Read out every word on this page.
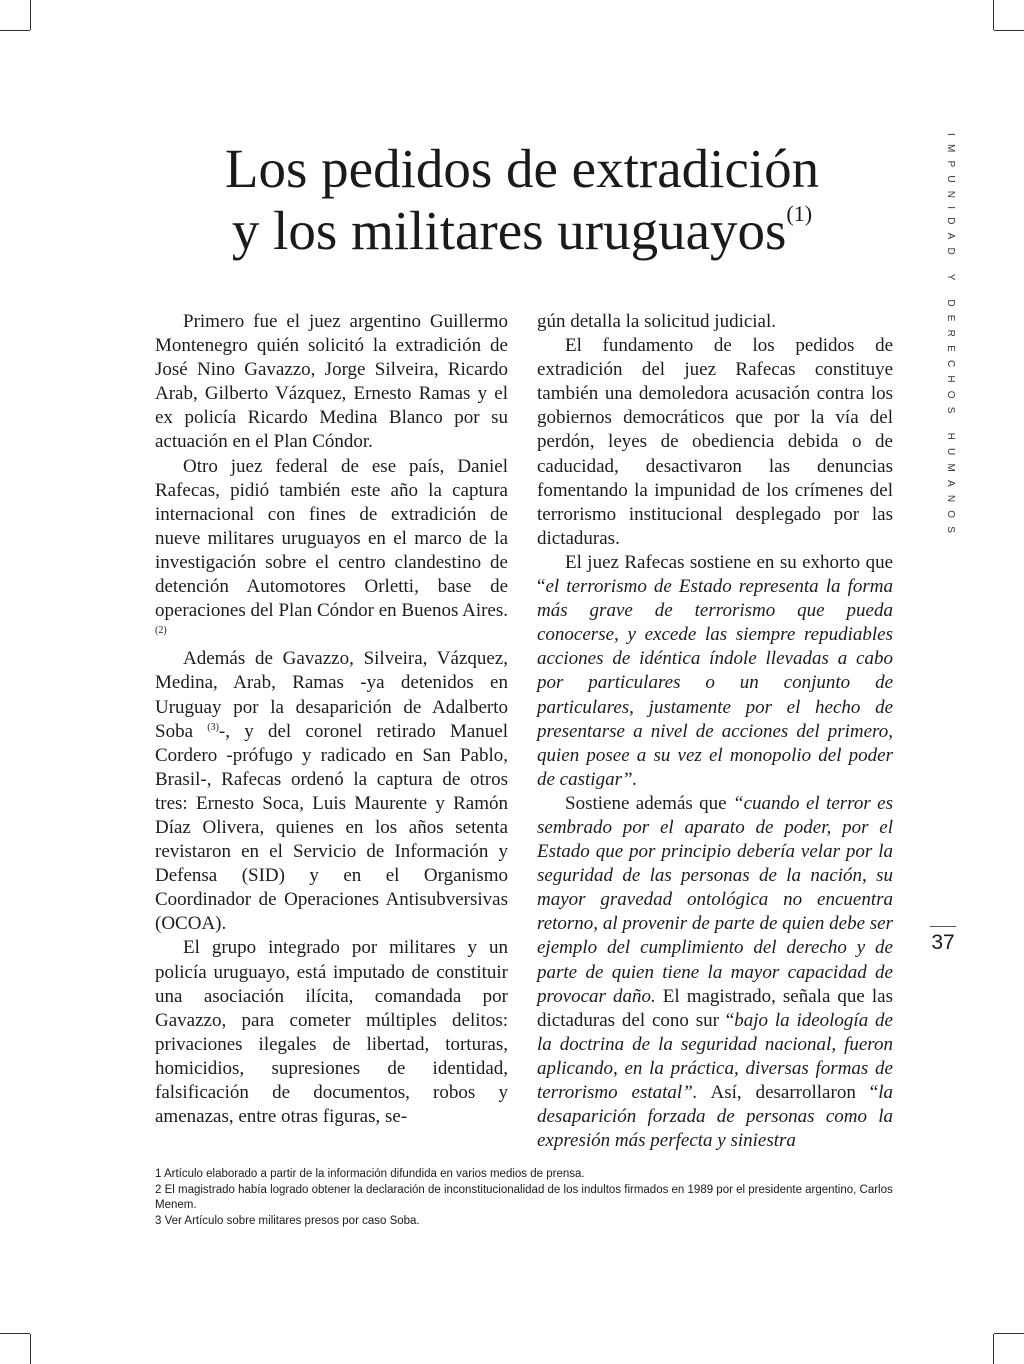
IMPUNIDAD Y DERECHOS HUMANOS
Los pedidos de extradición
y los militares uruguayos$^{(1)}$

Primero fue el juez argentino Guillermo Montenegro quién solicitó la extradición de José Nino Gavazzo, Jorge Silveira, Ricardo Arab, Gilberto Vázquez, Ernesto Ramas y el ex policía Ricardo Medina Blanco por su actuación en el Plan Cóndor.

Otro juez federal de ese país, Daniel Rafecas, pidió también este año la captura internacional con fines de extradición de nueve militares uruguayos en el marco de la investigación sobre el centro clandestino de detención Automotores Orletti, base de operaciones del Plan Cóndor en Buenos Aires.$^{(2)}$

Además de Gavazzo, Silveira, Vázquez, Medina, Arab, Ramas -ya detenidos en Uruguay por la desaparición de Adalberto Soba $^{(3)}$-, y del coronel retirado Manuel Cordero -prófugo y radicado en San Pablo, Brasil-, Rafecas ordenó la captura de otros tres: Ernesto Soca, Luis Maurente y Ramón Díaz Olivera, quienes en los años setenta revistaron en el Servicio de Información y Defensa (SID) y en el Organismo Coordinador de Operaciones Antisubversivas (OCOA).

El grupo integrado por militares y un policía uruguayo, está imputado de constituir una asociación ilícita, comandada por Gavazzo, para cometer múltiples delitos: privaciones ilegales de libertad, torturas, homicidios, supresiones de identidad, falsificación de documentos, robos y amenazas, entre otras figuras, se-

gún detalla la solicitud judicial.

El fundamento de los pedidos de extradición del juez Rafecas constituye también una demoledora acusación contra los gobiernos democráticos que por la vía del perdón, leyes de obediencia debida o de caducidad, desactivaron las denuncias fomentando la impunidad de los crímenes del terrorismo institucional desplegado por las dictaduras.

El juez Rafecas sostiene en su exhorto que “el terrorismo de Estado representa la forma más grave de terrorismo que pueda conocerse, y excede las siempre repudiables acciones de idéntica índole llevadas a cabo por particulares o un conjunto de particulares, justamente por el hecho de presentarse a nivel de acciones del primero, quien posee a su vez el monopolio del poder de castigar”.

Sostiene además que “cuando el terror es sembrado por el aparato de poder, por el Estado que por principio debería velar por la seguridad de las personas de la nación, su mayor gravedad ontológica no encuentra retorno, al provenir de parte de quien debe ser ejemplo del cumplimiento del derecho y de parte de quien tiene la mayor capacidad de provocar daño. El magistrado, señala que las dictaduras del cono sur “bajo la ideología de la doctrina de la seguridad nacional, fueron aplicando, en la práctica, diversas formas de terrorismo estatal”. Así, desarrollaron “la desaparición forzada de personas como la expresión más perfecta y siniestra

37

1 Artículo elaborado a partir de la información difundida en varios medios de prensa.

2 El magistrado había logrado obtener la declaración de inconstitucionalidad de los indultos firmados en 1989 por el presidente argentino, Carlos Menem.

3 Ver Artículo sobre militares presos por caso Soba.
